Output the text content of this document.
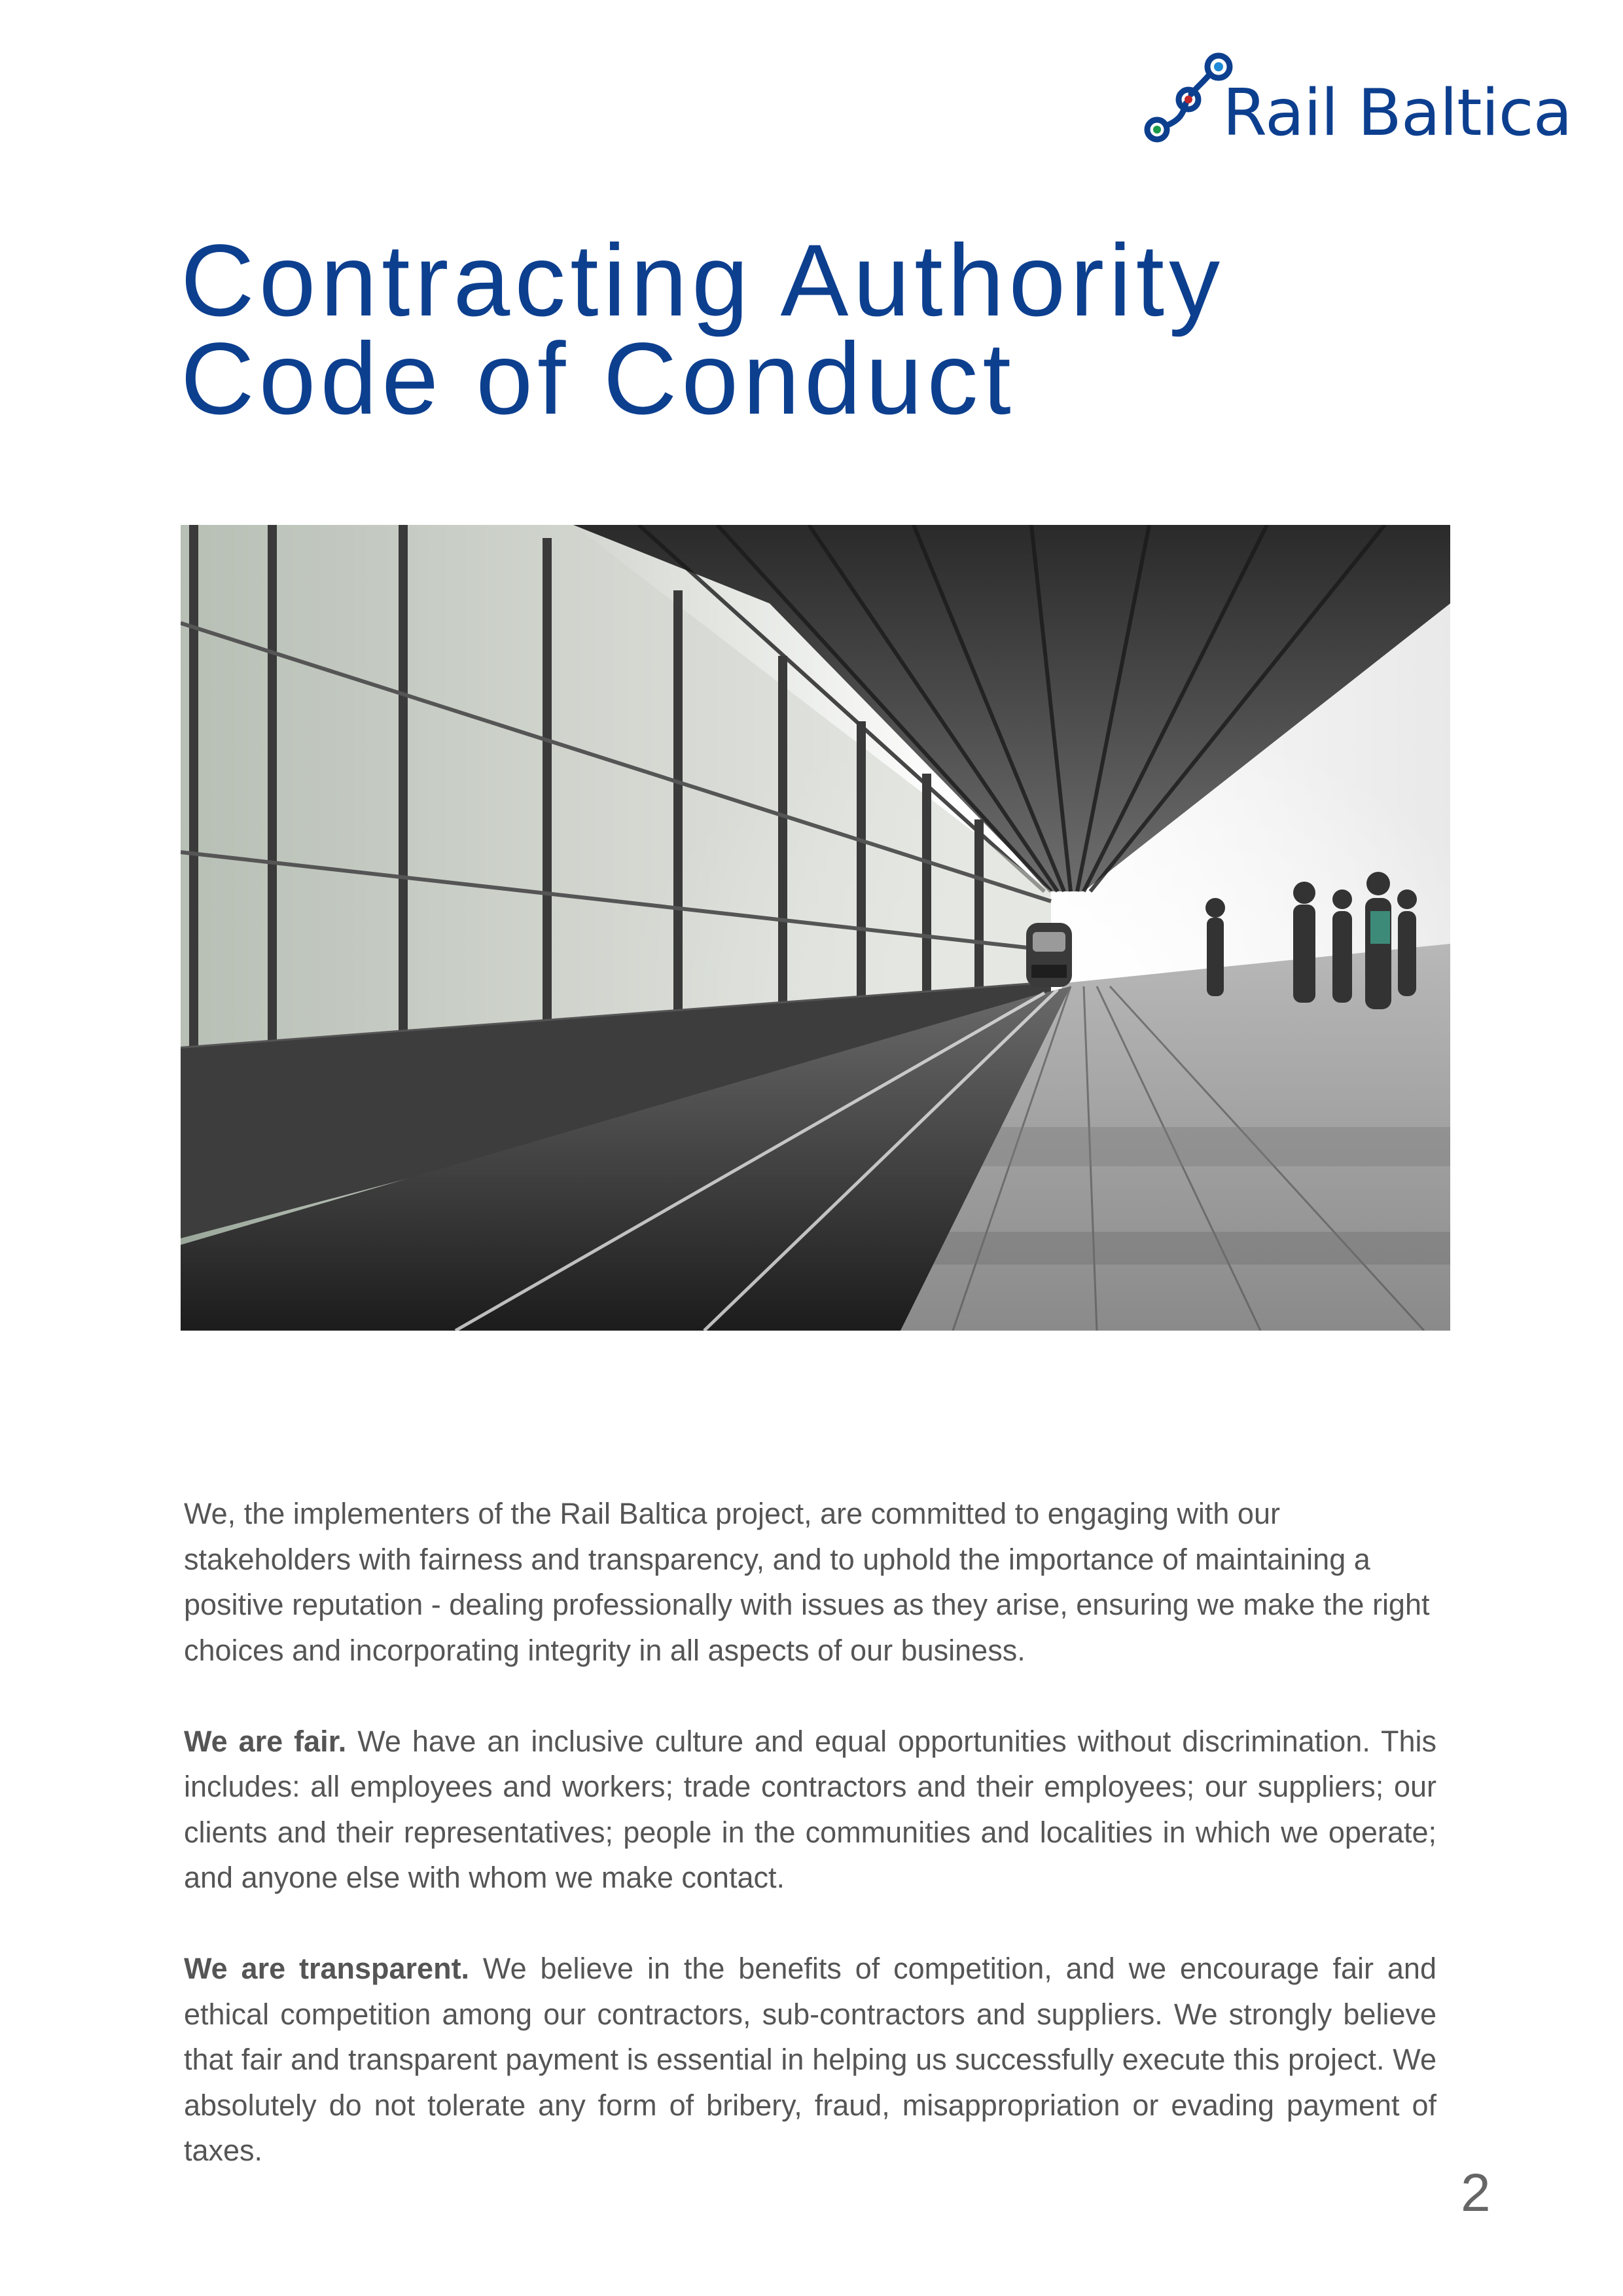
Rail Baltica
Contracting Authority
Code of Conduct

We, the implementers of the Rail Baltica project, are committed to engaging with our stakeholders with fairness and transparency, and to uphold the importance of maintaining a positive reputation - dealing professionally with issues as they arise, ensuring we make the right choices and incorporating integrity in all aspects of our business.

We are fair. We have an inclusive culture and equal opportunities without discrimination. This includes: all employees and workers; trade contractors and their employees; our suppliers; our clients and their representatives; people in the communities and localities in which we operate; and anyone else with whom we make contact.

We are transparent. We believe in the benefits of competition, and we encourage fair and ethical competition among our contractors, sub-contractors and suppliers. We strongly believe that fair and transparent payment is essential in helping us successfully execute this project. We absolutely do not tolerate any form of bribery, fraud, misappropriation or evading payment of taxes.

2
